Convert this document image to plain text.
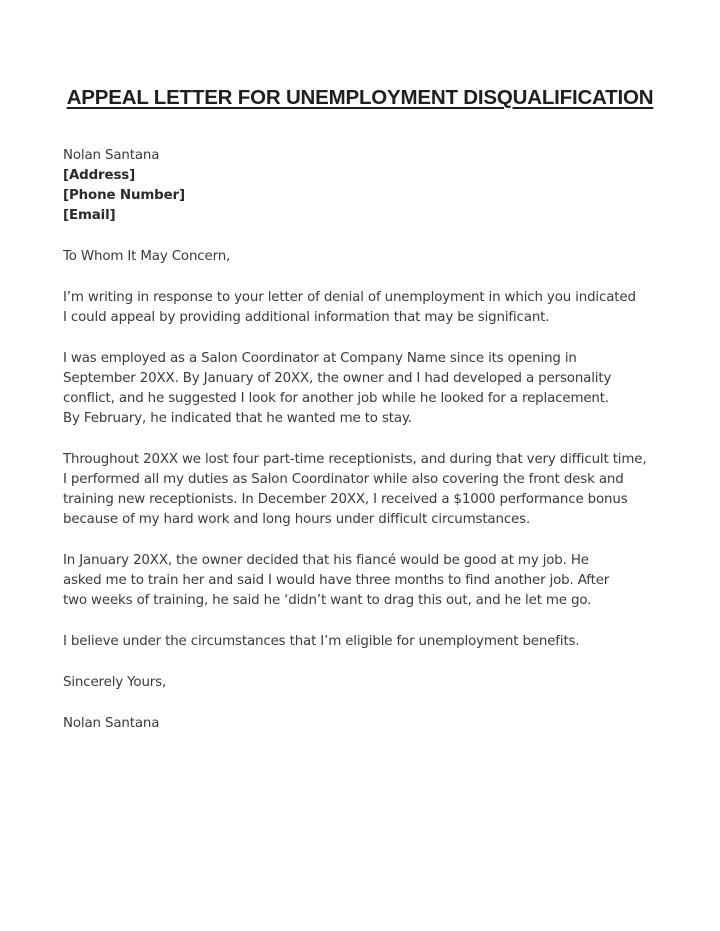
APPEAL LETTER FOR UNEMPLOYMENT DISQUALIFICATION
Nolan Santana
[Address]
[Phone Number]
[Email]
To Whom It May Concern,
I’m writing in response to your letter of denial of unemployment in which you indicated
I could appeal by providing additional information that may be significant.
I was employed as a Salon Coordinator at Company Name since its opening in
September 20XX. By January of 20XX, the owner and I had developed a personality
conflict, and he suggested I look for another job while he looked for a replacement.
By February, he indicated that he wanted me to stay.
Throughout 20XX we lost four part-time receptionists, and during that very difficult time,
I performed all my duties as Salon Coordinator while also covering the front desk and
training new receptionists. In December 20XX, I received a $1000 performance bonus
because of my hard work and long hours under difficult circumstances.
In January 20XX, the owner decided that his fiancé would be good at my job. He
asked me to train her and said I would have three months to find another job. After
two weeks of training, he said he ‘didn’t want to drag this out, and he let me go.
I believe under the circumstances that I’m eligible for unemployment benefits.
Sincerely Yours,
Nolan Santana
